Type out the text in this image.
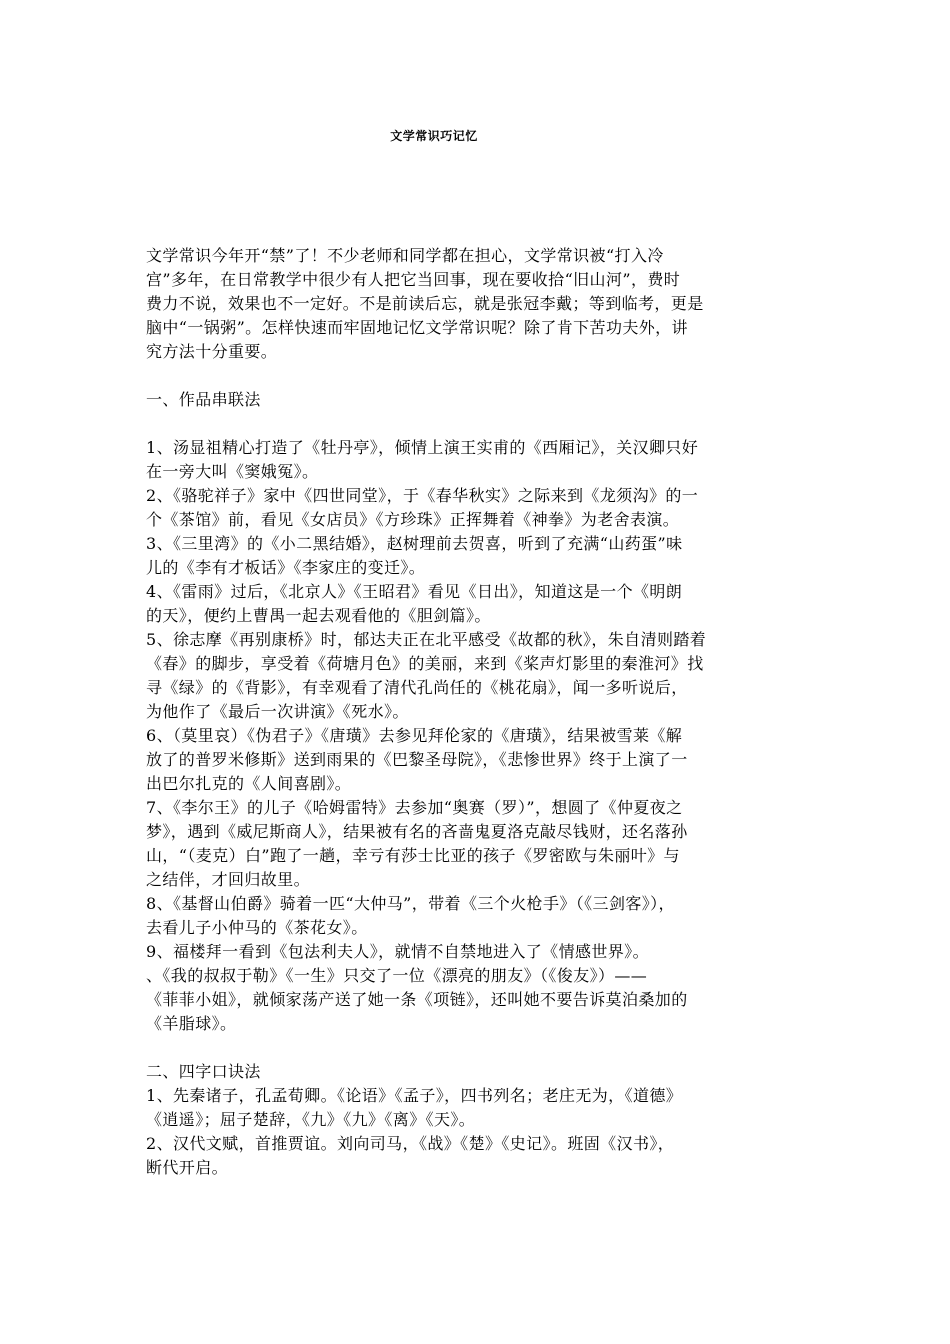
文学常识巧记忆
文学常识今年开“禁”了！不少老师和同学都在担心，文学常识被“打入冷
宫”多年，在日常教学中很少有人把它当回事，现在要收拾“旧山河”，费时
费力不说，效果也不一定好。不是前读后忘，就是张冠李戴；等到临考，更是
脑中“一锅粥”。怎样快速而牢固地记忆文学常识呢？除了肯下苦功夫外，讲
究方法十分重要。
一、作品串联法
1、汤显祖精心打造了《牡丹亭》，倾情上演王实甫的《西厢记》，关汉卿只好
在一旁大叫《窦娥冤》。
2、《骆驼祥子》家中《四世同堂》，于《春华秋实》之际来到《龙须沟》的一
个《茶馆》前，看见《女店员》《方珍珠》正挥舞着《神拳》为老舍表演。
3、《三里湾》的《小二黑结婚》，赵树理前去贺喜，听到了充满“山药蛋”味
儿的《李有才板话》《李家庄的变迁》。
4、《雷雨》过后，《北京人》《王昭君》看见《日出》，知道这是一个《明朗
的天》，便约上曹禺一起去观看他的《胆剑篇》。
5、徐志摩《再别康桥》时，郁达夫正在北平感受《故都的秋》，朱自清则踏着
《春》的脚步，享受着《荷塘月色》的美丽，来到《桨声灯影里的秦淮河》找
寻《绿》的《背影》，有幸观看了清代孔尚任的《桃花扇》，闻一多听说后，
为他作了《最后一次讲演》《死水》。
6、（莫里哀）《伪君子》《唐璜》去参见拜伦家的《唐璜》，结果被雪莱《解
放了的普罗米修斯》送到雨果的《巴黎圣母院》，《悲惨世界》终于上演了一
出巴尔扎克的《人间喜剧》。
7、《李尔王》的儿子《哈姆雷特》去参加“奥赛（罗）”，想圆了《仲夏夜之
梦》，遇到《威尼斯商人》，结果被有名的吝啬鬼夏洛克敲尽钱财，还名落孙
山，“（麦克）白”跑了一趟，幸亏有莎士比亚的孩子《罗密欧与朱丽叶》与
之结伴，才回归故里。
8、《基督山伯爵》骑着一匹“大仲马”，带着《三个火枪手》（《三剑客》），
去看儿子小仲马的《茶花女》。
9、福楼拜一看到《包法利夫人》，就情不自禁地进入了《情感世界》。
、《我的叔叔于勒》《一生》只交了一位《漂亮的朋友》（《俊友》）——
《菲菲小姐》，就倾家荡产送了她一条《项链》，还叫她不要告诉莫泊桑加的
《羊脂球》。
二、四字口诀法
1、先秦诸子，孔孟荀卿。《论语》《孟子》，四书列名；老庄无为，《道德》
《逍遥》；屈子楚辞，《九》《九》《离》《天》。
2、汉代文赋，首推贾谊。刘向司马，《战》《楚》《史记》。班固《汉书》，
断代开启。
